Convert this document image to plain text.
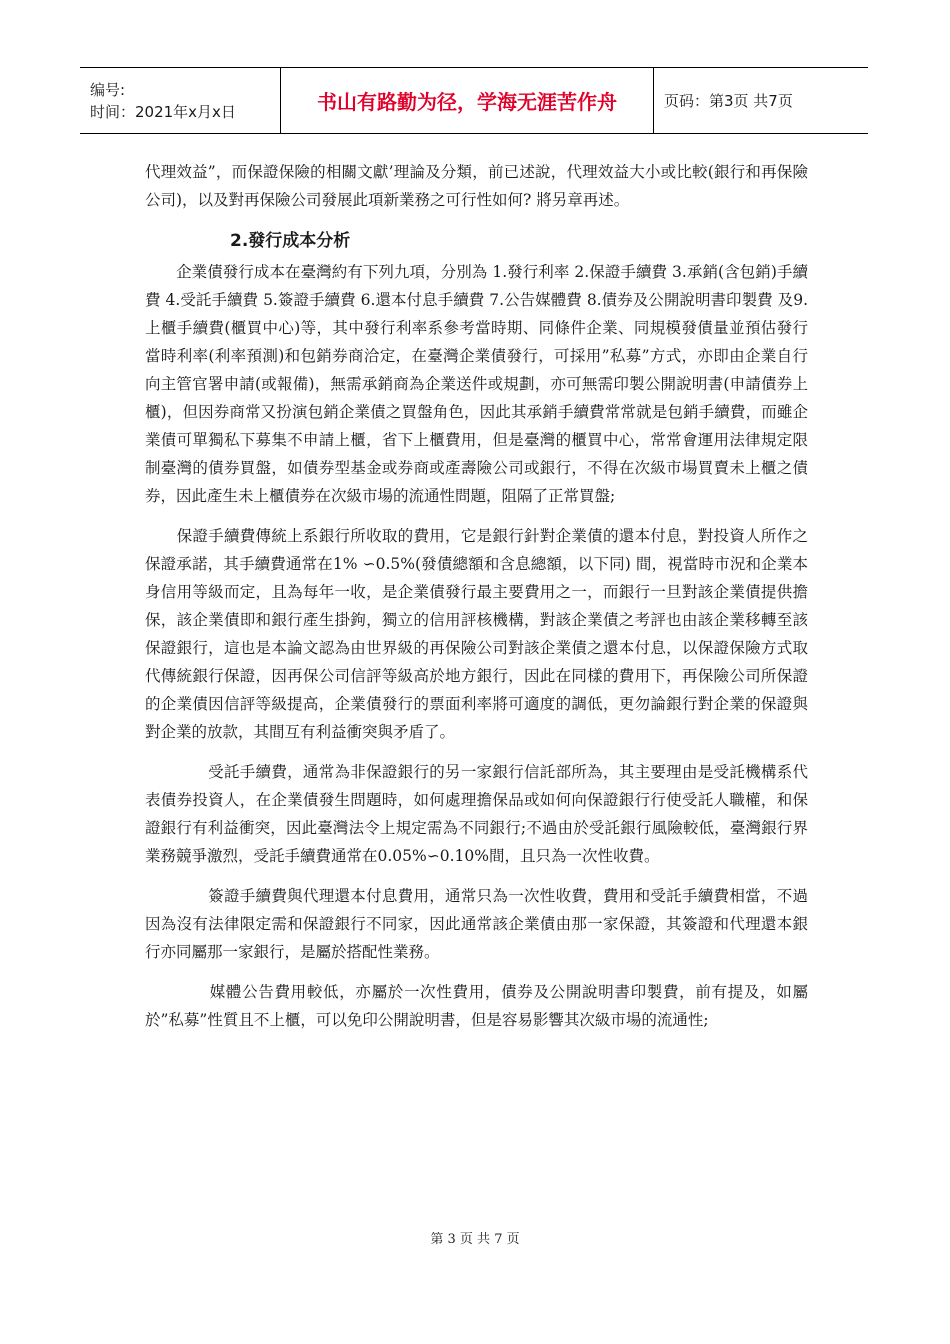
编号:
时间：2021年x月x日	书山有路勤为径，学海无涯苦作舟	页码：第3页 共7页

代理效益”，而保證保險的相關文獻’理論及分類，前已述說，代理效益大小或比較(銀行和再保險公司)，以及對再保險公司發展此項新業務之可行性如何? 將另章再述。

2.發行成本分析

　　企業債發行成本在臺灣約有下列九項，分別為 1.發行利率 2.保證手續費 3.承銷(含包銷)手續費 4.受託手續費 5.簽證手續費 6.還本付息手續費 7.公告媒體費 8.債券及公開說明書印製費 及9.上櫃手續費(櫃買中心)等，其中發行利率系參考當時期、同條件企業、同規模發債量並預估發行當時利率(利率預測)和包銷券商洽定，在臺灣企業債發行，可採用”私募”方式，亦即由企業自行向主管官署申請(或報備)，無需承銷商為企業送件或規劃，亦可無需印製公開說明書(申請債券上櫃)，但因券商常又扮演包銷企業債之買盤角色，因此其承銷手續費常常就是包銷手續費，而雖企業債可單獨私下募集不申請上櫃，省下上櫃費用，但是臺灣的櫃買中心，常常會運用法律規定限制臺灣的債券買盤，如債券型基金或券商或產壽險公司或銀行，不得在次級市場買賣未上櫃之債券，因此產生未上櫃債券在次級市場的流通性問題，阻隔了正常買盤;

　　保證手續費傳統上系銀行所收取的費用，它是銀行針對企業債的還本付息，對投資人所作之保證承諾，其手續費通常在1% ∽0.5%(發債總額和含息總額，以下同) 間，視當時市況和企業本身信用等級而定，且為每年一收，是企業債發行最主要費用之一，而銀行一旦對該企業債提供擔保，該企業債即和銀行產生掛鉤，獨立的信用評核機構，對該企業債之考評也由該企業移轉至該保證銀行，這也是本論文認為由世界級的再保險公司對該企業債之還本付息，以保證保險方式取代傳統銀行保證，因再保公司信評等級高於地方銀行，因此在同樣的費用下，再保險公司所保證的企業債因信評等級提高，企業債發行的票面利率將可適度的調低，更勿論銀行對企業的保證與對企業的放款，其間互有利益衝突與矛盾了。

　　　　受託手續費，通常為非保證銀行的另一家銀行信託部所為，其主要理由是受託機構系代表債券投資人，在企業債發生問題時，如何處理擔保品或如何向保證銀行行使受託人職權，和保證銀行有利益衝突，因此臺灣法令上規定需為不同銀行;不過由於受託銀行風險較低，臺灣銀行界業務競爭激烈，受託手續費通常在0.05%∽0.10%間，且只為一次性收費。

　　　　簽證手續費與代理還本付息費用，通常只為一次性收費，費用和受託手續費相當，不過因為沒有法律限定需和保證銀行不同家，因此通常該企業債由那一家保證，其簽證和代理還本銀行亦同屬那一家銀行，是屬於搭配性業務。

　　　　媒體公告費用較低，亦屬於一次性費用，債券及公開說明書印製費，前有提及，如屬於”私募”性質且不上櫃，可以免印公開說明書，但是容易影響其次級市場的流通性;

第 3 页 共 7 页
